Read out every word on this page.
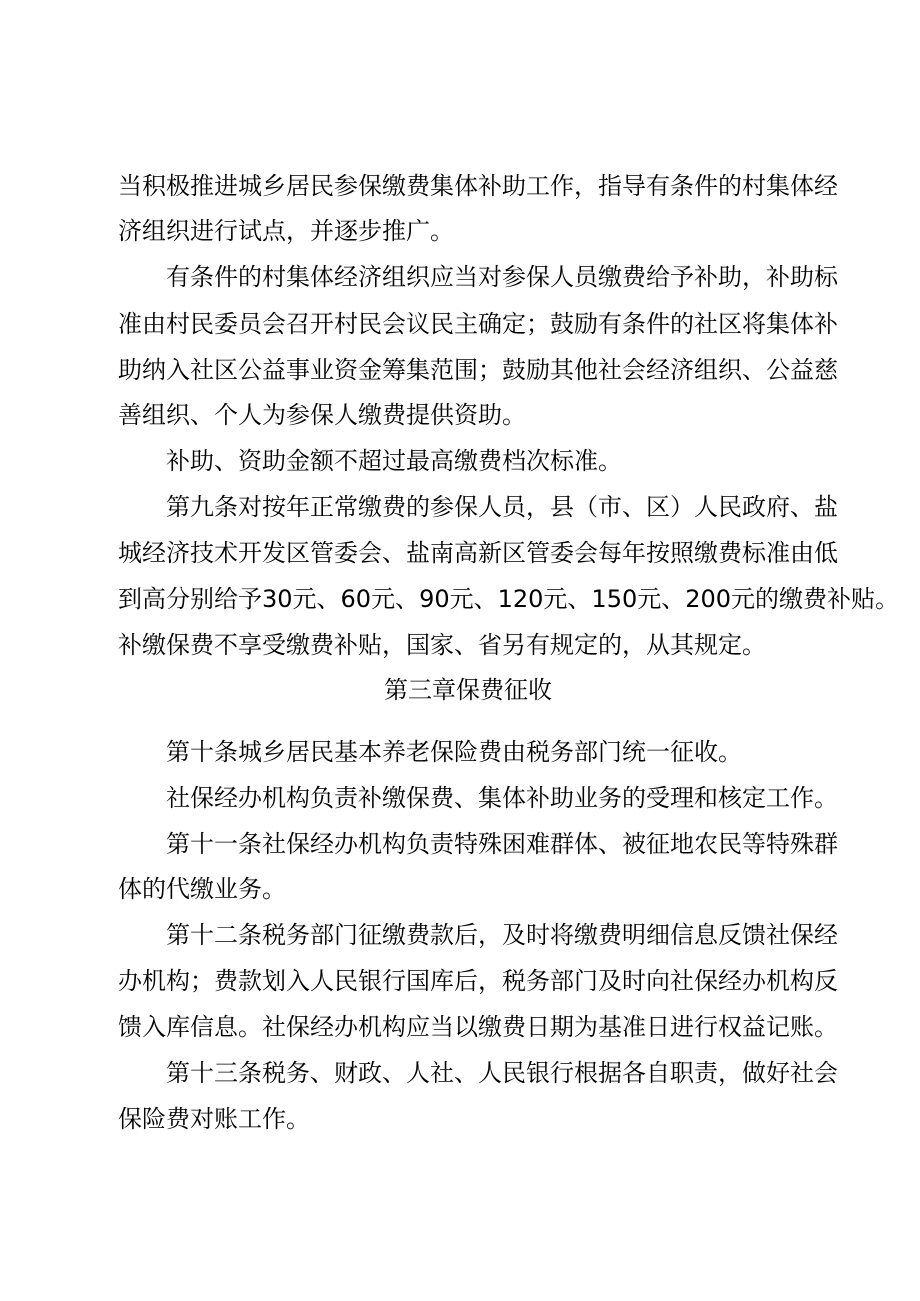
当积极推进城乡居民参保缴费集体补助工作，指导有条件的村集体经
济组织进行试点，并逐步推广。
有条件的村集体经济组织应当对参保人员缴费给予补助，补助标
准由村民委员会召开村民会议民主确定；鼓励有条件的社区将集体补
助纳入社区公益事业资金筹集范围；鼓励其他社会经济组织、公益慈
善组织、个人为参保人缴费提供资助。
补助、资助金额不超过最高缴费档次标准。
第九条对按年正常缴费的参保人员，县（市、区）人民政府、盐
城经济技术开发区管委会、盐南高新区管委会每年按照缴费标准由低
到高分别给予30元、60元、90元、120元、150元、200元的缴费补贴。
补缴保费不享受缴费补贴，国家、省另有规定的，从其规定。
第三章保费征收
第十条城乡居民基本养老保险费由税务部门统一征收。
社保经办机构负责补缴保费、集体补助业务的受理和核定工作。
第十一条社保经办机构负责特殊困难群体、被征地农民等特殊群
体的代缴业务。
第十二条税务部门征缴费款后，及时将缴费明细信息反馈社保经
办机构；费款划入人民银行国库后，税务部门及时向社保经办机构反
馈入库信息。社保经办机构应当以缴费日期为基准日进行权益记账。
第十三条税务、财政、人社、人民银行根据各自职责，做好社会
保险费对账工作。
